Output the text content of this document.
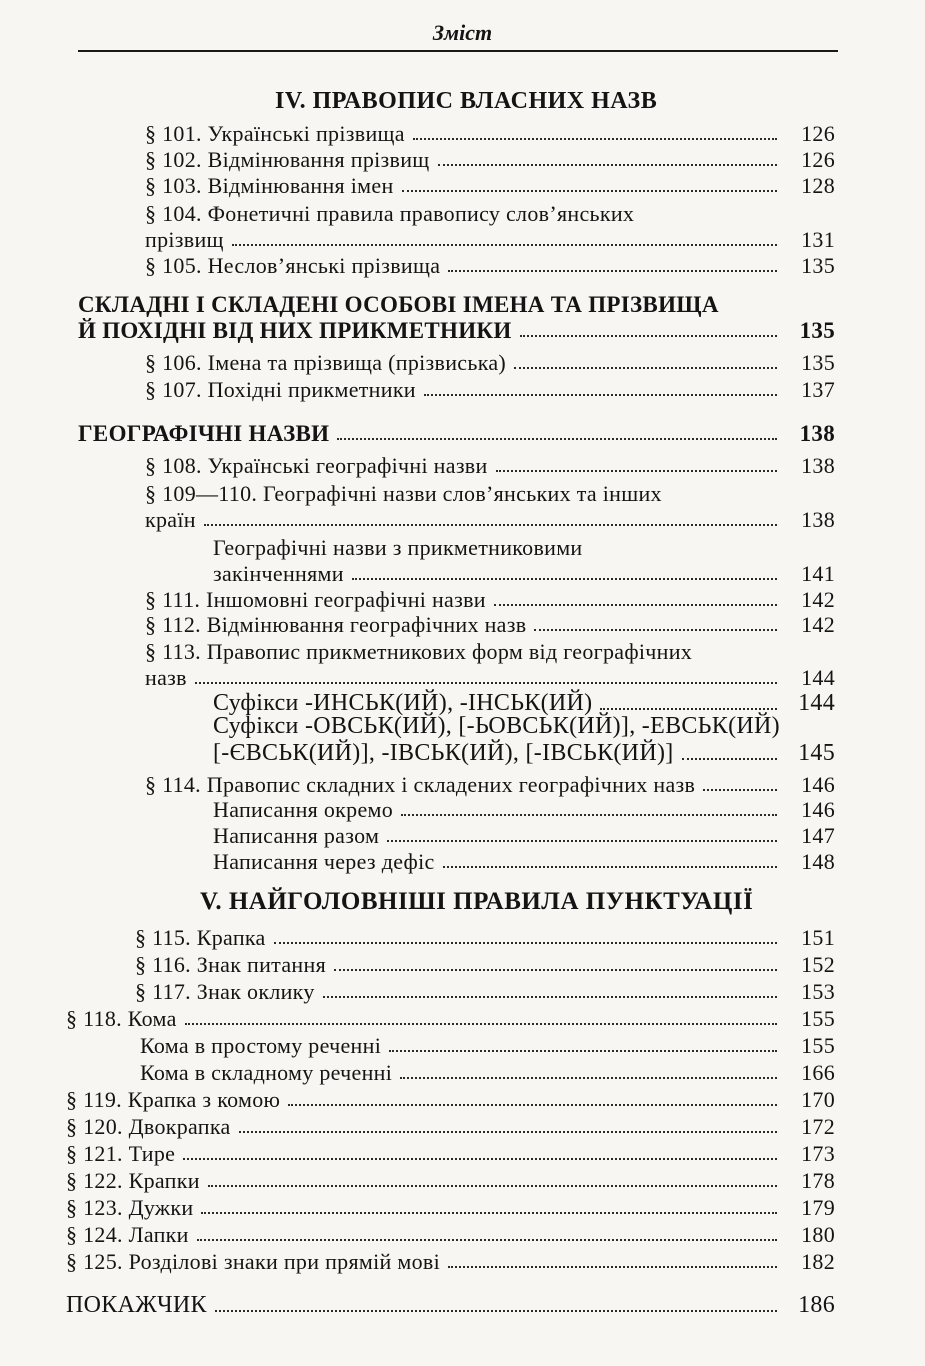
Зміст
IV. ПРАВОПИС ВЛАСНИХ НАЗВ
§ 101. Українські прізвища	126
§ 102. Відмінювання прізвищ	126
§ 103. Відмінювання імен	128
§ 104. Фонетичні правила правопису слов’янських
прізвищ	131
§ 105. Неслов’янські прізвища	135
СКЛАДНІ І СКЛАДЕНІ ОСОБОВІ ІМЕНА ТА ПРІЗВИЩА
Й ПОХІДНІ ВІД НИХ ПРИКМЕТНИКИ	135
§ 106. Імена та прізвища (прізвиська)	135
§ 107. Похідні прикметники	137
ГЕОГРАФІЧНІ НАЗВИ	138
§ 108. Українські географічні назви	138
§ 109—110. Географічні назви слов’янських та інших
країн	138
Географічні назви з прикметниковими
закінченнями	141
§ 111. Іншомовні географічні назви	142
§ 112. Відмінювання географічних назв	142
§ 113. Правопис прикметникових форм від географічних
назв	144
Суфікси -ИНСЬК(ИЙ), -ІНСЬК(ИЙ)	144
Суфікси -ОВСЬК(ИЙ), [-ЬОВСЬК(ИЙ)], -ЕВСЬК(ИЙ)
[-ЄВСЬК(ИЙ)], -ІВСЬК(ИЙ), [-ІВСЬК(ИЙ)]	145
§ 114. Правопис складних і складених географічних назв	146
Написання окремо	146
Написання разом	147
Написання через дефіс	148
V. НАЙГОЛОВНІШІ ПРАВИЛА ПУНКТУАЦІЇ
§ 115. Крапка	151
§ 116. Знак питання	152
§ 117. Знак оклику	153
§ 118. Кома	155
Кома в простому реченні	155
Кома в складному реченні	166
§ 119. Крапка з комою	170
§ 120. Двокрапка	172
§ 121. Тире	173
§ 122. Крапки	178
§ 123. Дужки	179
§ 124. Лапки	180
§ 125. Розділові знаки при прямій мові	182
ПОКАЖЧИК	186
